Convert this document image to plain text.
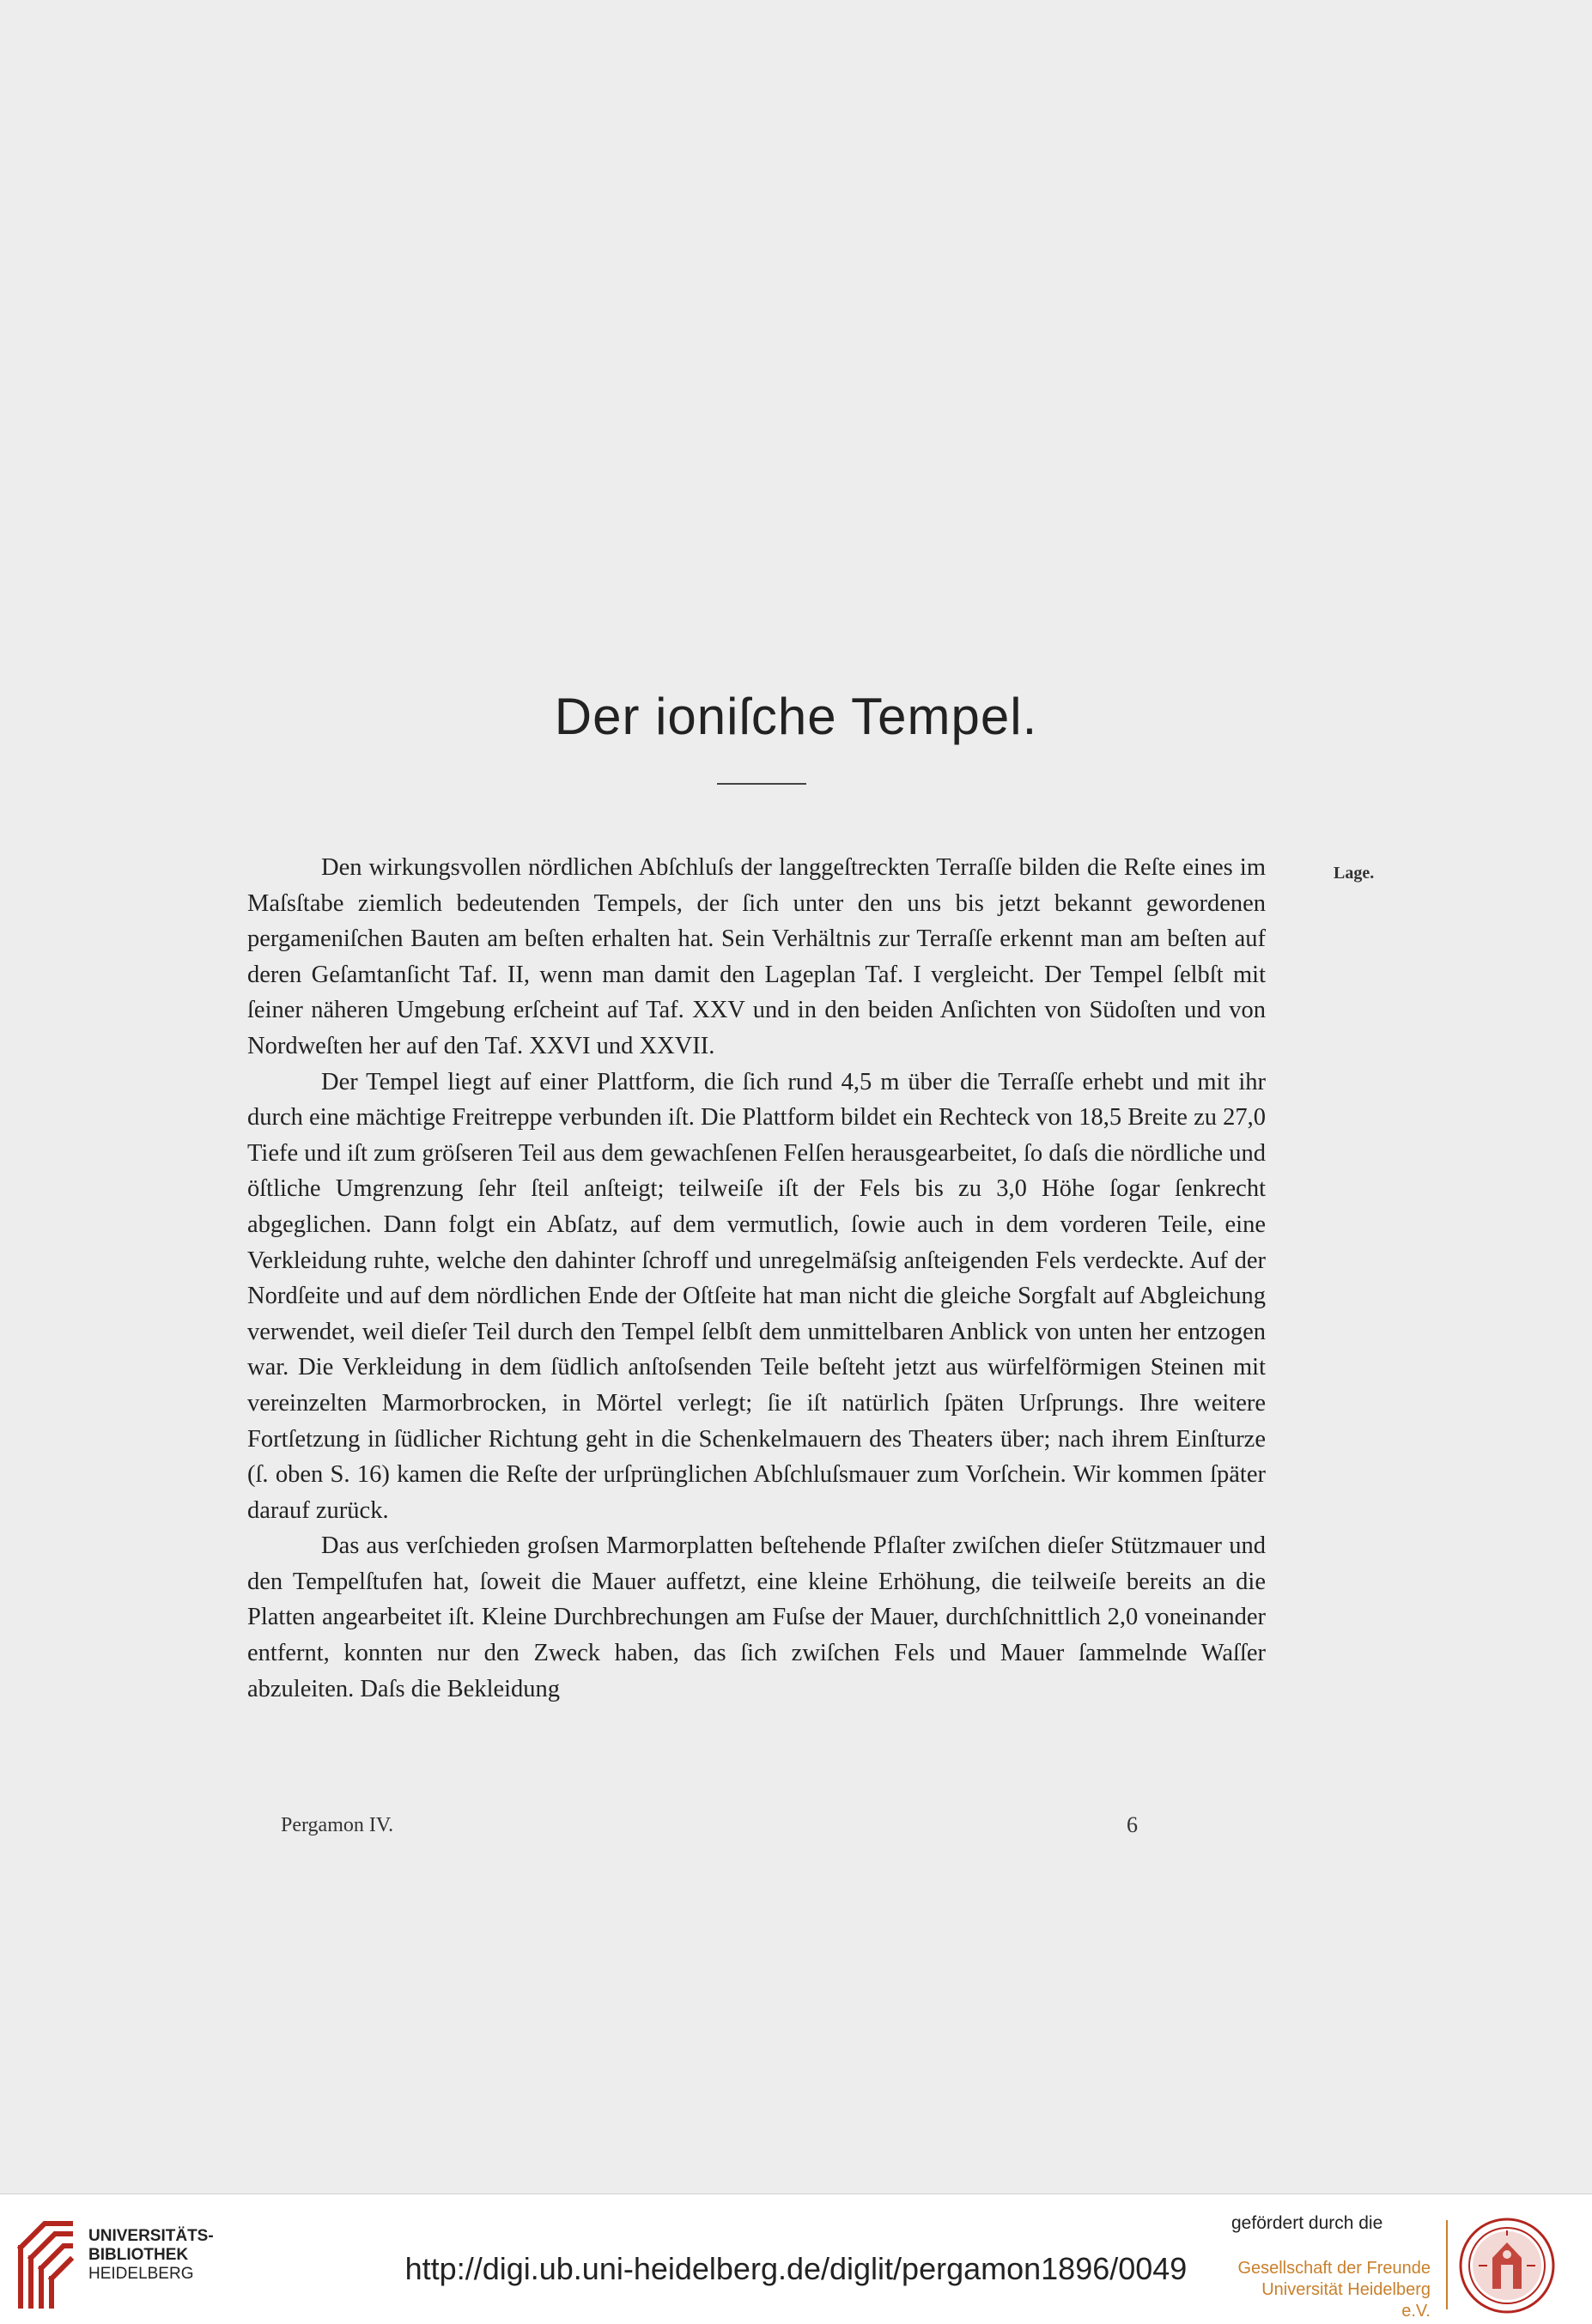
Der ioniſche Tempel.
Lage.

Den wirkungsvollen nördlichen Abſchluſs der langgeſtreckten Terraſſe bilden die Reſte eines im Maſsſtabe ziemlich bedeutenden Tempels, der ſich unter den uns bis jetzt bekannt gewordenen pergameniſchen Bauten am beſten erhalten hat. Sein Verhältnis zur Terraſſe erkennt man am beſten auf deren Geſamtanſicht Taf. II, wenn man damit den Lageplan Taf. I vergleicht. Der Tempel ſelbſt mit ſeiner näheren Umgebung erſcheint auf Taf. XXV und in den beiden Anſichten von Südoſten und von Nordweſten her auf den Taf. XXVI und XXVII.

Der Tempel liegt auf einer Plattform, die ſich rund 4,5 m über die Terraſſe erhebt und mit ihr durch eine mächtige Freitreppe verbunden iſt. Die Plattform bildet ein Rechteck von 18,5 Breite zu 27,0 Tiefe und iſt zum gröſseren Teil aus dem gewachſenen Felſen herausgearbeitet, ſo daſs die nördliche und öſtliche Umgrenzung ſehr ſteil anſteigt; teilweiſe iſt der Fels bis zu 3,0 Höhe ſogar ſenkrecht abgeglichen. Dann folgt ein Abſatz, auf dem vermutlich, ſowie auch in dem vorderen Teile, eine Verkleidung ruhte, welche den dahinter ſchroff und unregelmäſsig anſteigenden Fels verdeckte. Auf der Nordſeite und auf dem nördlichen Ende der Oſtſeite hat man nicht die gleiche Sorgfalt auf Abgleichung verwendet, weil dieſer Teil durch den Tempel ſelbſt dem unmittelbaren Anblick von unten her entzogen war. Die Verkleidung in dem ſüdlich anſtoſsenden Teile beſteht jetzt aus würfelförmigen Steinen mit vereinzelten Marmorbrocken, in Mörtel verlegt; ſie iſt natürlich ſpäten Urſprungs. Ihre weitere Fortſetzung in ſüdlicher Richtung geht in die Schenkelmauern des Theaters über; nach ihrem Einſturze (ſ. oben S. 16) kamen die Reſte der urſprünglichen Abſchluſsmauer zum Vorſchein. Wir kommen ſpäter darauf zurück.

Das aus verſchieden groſsen Marmorplatten beſtehende Pflaſter zwiſchen dieſer Stützmauer und den Tempelſtufen hat, ſoweit die Mauer auffetzt, eine kleine Erhöhung, die teilweiſe bereits an die Platten angearbeitet iſt. Kleine Durchbrechungen am Fuſse der Mauer, durchſchnittlich 2,0 voneinander entfernt, konnten nur den Zweck haben, das ſich zwiſchen Fels und Mauer ſammelnde Waſſer abzuleiten. Daſs die Bekleidung

Pergamon IV.	6
UNIVERSITÄTS-
BIBLIOTHEK
HEIDELBERG	http://digi.ub.uni-heidelberg.de/diglit/pergamon1896/0049
gefördert durch die
Gesellschaft der Freunde
Universität Heidelberg e.V.
